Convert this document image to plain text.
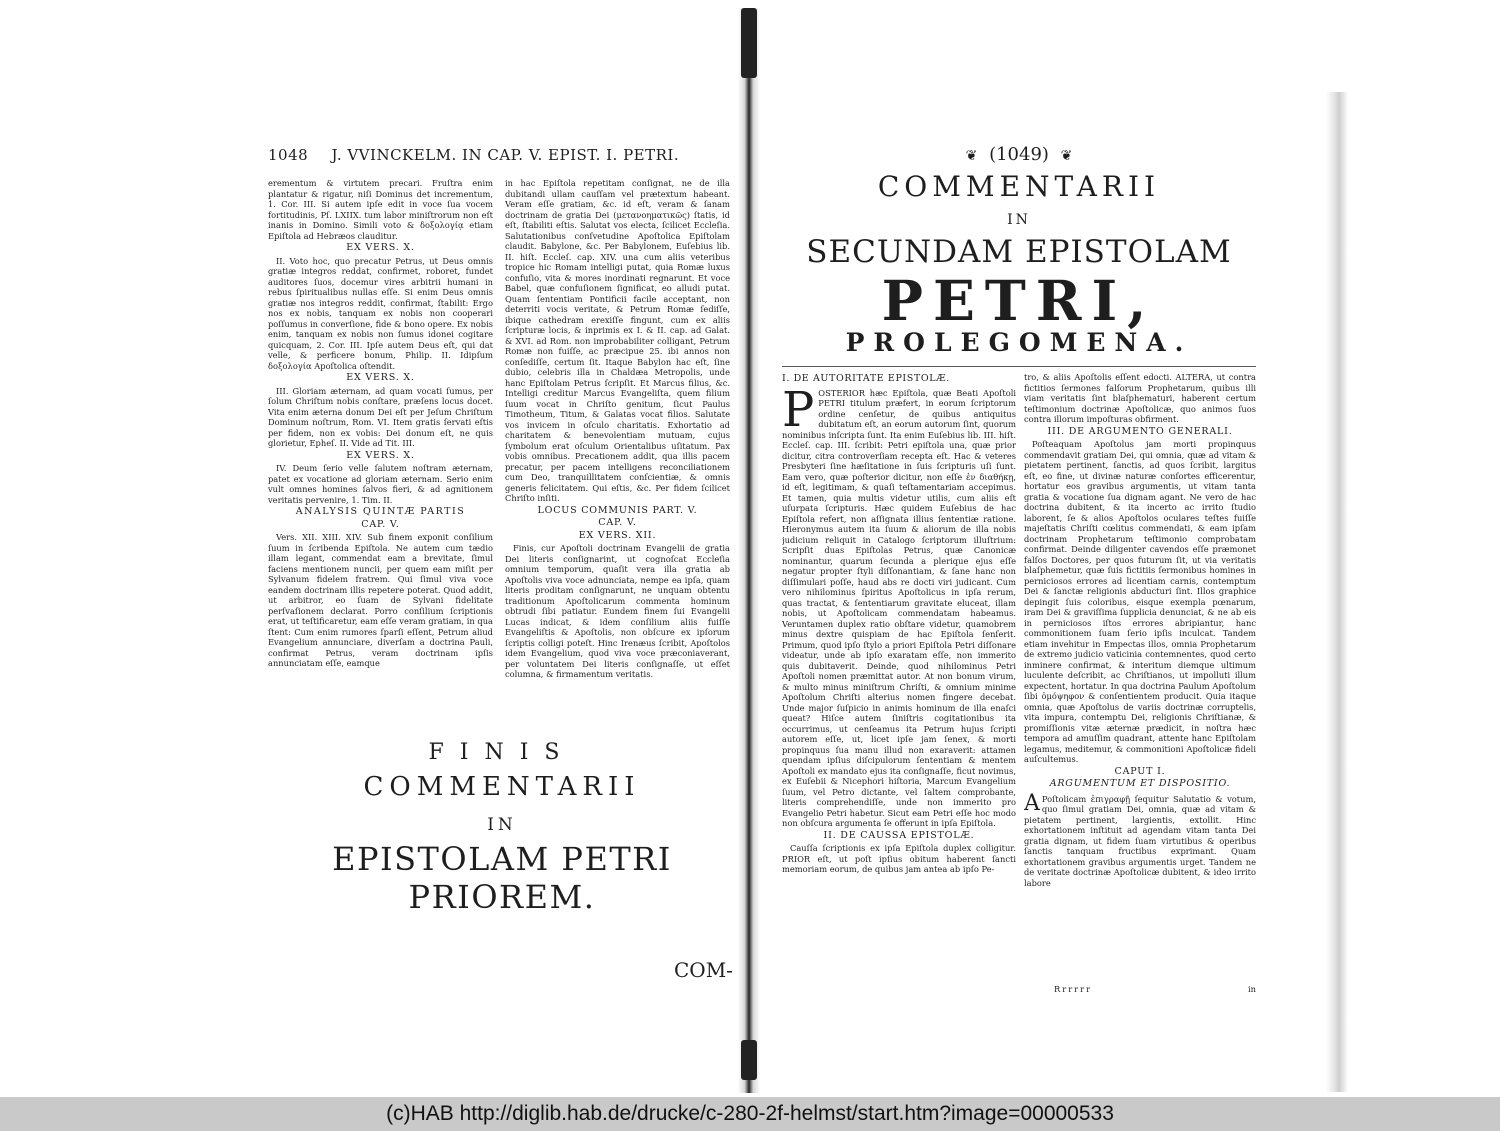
1048 J. VVINCKELM. IN CAP. V. EPIST. I. PETRI.

erementum & virtutem precari. Fruſtra enim plantatur & rigatur, niſi Dominus det incrementum, 1. Cor. III. Si autem ipſe edit in voce ſua vocem fortitudinis, Pſ. LXIIX. tum labor miniſtrorum non eſt inanis in Domino. Simili voto & δοξολογίᾳ etiam Epiſtola ad Hebræos clauditur.

EX VERS. X.

II. Voto hoc, quo precatur Petrus, ut Deus omnis gratiæ integros reddat, confirmet, roboret, fundet auditores ſuos, docemur vires arbitrii humani in rebus ſpiritualibus nullas eſſe. Si enim Deus omnis gratiæ nos integros reddit, confirmat, ſtabilit: Ergo nos ex nobis, tanquam ex nobis non cooperari poſſumus in converſione, fide & bono opere. Ex nobis enim, tanquam ex nobis non ſumus idonei cogitare quicquam, 2. Cor. III. Ipſe autem Deus eſt, qui dat velle, & perficere bonum, Philip. II. Idipſum δοξολογία Apoſtolica oſtendit.

EX VERS. X.

III. Gloriam æternam, ad quam vocati ſumus, per ſolum Chriſtum nobis conſtare, præſens locus docet. Vita enim æterna donum Dei eſt per Jeſum Chriſtum Dominum noſtrum, Rom. VI. Item gratis ſervati eſtis per fidem, non ex vobis: Dei donum eſt, ne quis glorietur, Epheſ. II. Vide ad Tit. III.

EX VERS. X.

IV. Deum ſerio velle ſalutem noſtram æternam, patet ex vocatione ad gloriam æternam. Serio enim vult omnes homines ſalvos fieri, & ad agnitionem veritatis pervenire, 1. Tim. II.

ANALYSIS QUINTÆ PARTIS

CAP. V.

Vers. XII. XIII. XIV. Sub finem exponit conſilium ſuum in ſcribenda Epiſtola. Ne autem cum tædio illam legant, commendat eam a brevitate, ſimul faciens mentionem nuncii, per quem eam miſit per Sylvanum fidelem fratrem. Qui ſimul viva voce eandem doctrinam illis repetere poterat. Quod addit, ut arbitror, eo ſuam de Sylvani fidelitate perſvaſionem declarat. Porro conſilium ſcriptionis erat, ut teſtificaretur, eam eſſe veram gratiam, in qua ſtent: Cum enim rumores ſparſi eſſent, Petrum aliud Evangelium annunciare, diverſam a doctrina Pauli, confirmat Petrus, veram doctrinam ipſis annunciatam eſſe, eamque

in hac Epiſtola repetitam conſignat, ne de illa dubitandi ullam cauſſam vel prætextum habeant. Veram eſſe gratiam, &c. id eſt, veram & ſanam doctrinam de gratia Dei (μετανοηματικῶς) ſtatis, id eſt, ſtabiliti eſtis. Salutat vos electa, ſcilicet Eccleſia. Salutationibus conſvetudine Apoſtolica Epiſtolam claudit. Babylone, &c. Per Babylonem, Euſebius lib. II. hiſt. Eccleſ. cap. XIV. una cum aliis veteribus tropice hic Romam intelligi putat, quia Romæ luxus confuſio, vita & mores inordinati regnarunt. Et voce Babel, quæ confuſionem ſignificat, eo alludi putat. Quam ſententiam Pontificii facile acceptant, non deterriti vocis veritate, & Petrum Romæ ſediſſe, ibique cathedram erexiſſe fingunt, cum ex aliis ſcripturæ locis, & inprimis ex I. & II. cap. ad Galat. & XVI. ad Rom. non improbabiliter colligant, Petrum Romæ non fuiſſe, ac præcipue 25. ibi annos non conſediſſe, certum ſit. Itaque Babylon hac eſt, ſine dubio, celebris illa in Chaldæa Metropolis, unde hanc Epiſtolam Petrus ſcripſit. Et Marcus filius, &c. Intelligi creditur Marcus Evangeliſta, quem filium ſuum vocat in Chriſto genitum, ſicut Paulus Timotheum, Titum, & Galatas vocat filios. Salutate vos invicem in oſculo charitatis. Exhortatio ad charitatem & benevolentiam mutuam, cujus ſymbolum erat oſculum Orientalibus uſitatum. Pax vobis omnibus. Precationem addit, qua illis pacem precatur, per pacem intelligens reconciliationem cum Deo, tranquillitatem conſcientiæ, & omnis generis felicitatem. Qui eſtis, &c. Per fidem ſcilicet Chriſto inſiti.

LOCUS COMMUNIS PART. V.

CAP. V.

EX VERS. XII.

Finis, cur Apoſtoli doctrinam Evangelii de gratia Dei literis conſignarint, ut cognoſcat Eccleſia omnium temporum, quaſit vera illa gratia ab Apoſtolis viva voce adnunciata, nempe ea ipſa, quam literis proditam conſignarunt, ne unquam obtentu traditionum Apoſtolicarum commenta hominum obtrudi ſibi patiatur. Eundem finem ſui Evangelii Lucas indicat, & idem conſilium aliis fuiſſe Evangeliſtis & Apoſtolis, non obſcure ex ipſorum ſcriptis colligi poteſt. Hinc Irenæus ſcribit, Apoſtolos idem Evangelium, quod viva voce præconiaverant, per voluntatem Dei literis conſignaſſe, ut eſſet columna, & firmamentum veritatis.

FINIS
COMMENTARII
IN
EPISTOLAM PETRI
PRIOREM.
COM-
❦ (1049) ❦
COMMENTARII
IN
SECUNDAM EPISTOLAM
PETRI,
PROLEGOMENA.

I. DE AUTORITATE EPISTOLÆ.

POSTERIOR hæc Epiſtola, quæ Beati Apoſtoli PETRI titulum præfert, in eorum ſcriptorum ordine cenſetur, de quibus antiquitus dubitatum eſt, an eorum autorum ſint, quorum nominibus inſcripta ſunt. Ita enim Euſebius lib. III. hiſt. Eccleſ. cap. III. ſcribit: Petri epiſtola una, quæ prior dicitur, citra controverſiam recepta eſt. Hac & veteres Presbyteri ſine hæſitatione in ſuis ſcripturis uſi ſunt. Eam vero, quæ poſterior dicitur, non eſſe ἐν διαθήκῃ, id eſt, legitimam, & quaſi teſtamentariam accepimus. Et tamen, quia multis videtur utilis, cum aliis eſt uſurpata ſcripturis. Hæc quidem Euſebius de hac Epiſtola refert, non aſſignata illius ſententiæ ratione. Hieronymus autem ita ſuum & aliorum de illa nobis judicium reliquit in Catalogo ſcriptorum illuſtrium: Scripſit duas Epiſtolas Petrus, quæ Canonicæ nominantur, quarum ſecunda a plerique ejus eſſe negatur propter ſtyli diſſonantiam, & ſane hanc non diſſimulari poſſe, haud abs re docti viri judicant. Cum vero nihilominus ſpiritus Apoſtolicus in ipſa rerum, quas tractat, & ſententiarum gravitate eluceat, illam nobis, ut Apoſtolicam commendatam habeamus. Veruntamen duplex ratio obſtare videtur, quamobrem minus dextre quispiam de hac Epiſtola ſenſerit. Primum, quod ipſo ſtylo a priori Epiſtola Petri diſſonare videatur, unde ab ipſo exaratam eſſe, non immerito quis dubitaverit. Deinde, quod nihilominus Petri Apoſtoli nomen præmittat autor. At non bonum virum, & multo minus miniſtrum Chriſti, & omnium minime Apoſtolum Chriſti alterius nomen fingere decebat. Unde major ſuſpicio in animis hominum de illa enaſci queat? Hiſce autem ſiniſtris cogitationibus ita occurrimus, ut cenſeamus ita Petrum hujus ſcripti autorem eſſe, ut, licet ipſe jam ſenex, & morti propinquus ſua manu illud non exaraverit: attamen quendam ipſius diſcipulorum ſententiam & mentem Apoſtoli ex mandato ejus ita conſignaſſe, ficut novimus, ex Euſebii & Nicephori hiſtoria, Marcum Evangelium ſuum, vel Petro dictante, vel ſaltem comprobante, literis comprehendiſſe, unde non immerito pro Evangelio Petri habetur. Sicut eam Petri eſſe hoc modo non obſcura argumenta ſe offerunt in ipſa Epiſtola.

II. DE CAUSSA EPISTOLÆ.

Cauſſa ſcriptionis ex ipſa Epiſtola duplex colligitur. PRIOR eſt, ut poſt ipſius obitum haberent ſancti memoriam eorum, de quibus jam antea ab ipſo Pe-

tro, & aliis Apoſtolis eſſent edocti. ALTERA, ut contra fictitios ſermones falſorum Prophetarum, quibus illi viam veritatis ſint blaſphematuri, haberent certum teſtimonium doctrinæ Apoſtolicæ, quo animos ſuos contra illorum impoſturas obfirment.

III. DE ARGUMENTO GENERALI.

Poſteaquam Apoſtolus jam morti propinquus commendavit gratiam Dei, qui omnia, quæ ad vitam & pietatem pertinent, ſanctis, ad quos ſcribit, largitus eſt, eo fine, ut divinæ naturæ conſortes efficerentur, hortatur eos gravibus argumentis, ut vitam tanta gratia & vocatione ſua dignam agant. Ne vero de hac doctrina dubitent, & ita incerto ac irrito ſtudio laborent, ſe & alios Apoſtolos oculares teſtes fuiſſe majeſtatis Chriſti cœlitus commendati, & eam ipſam doctrinam Prophetarum teſtimonio comprobatam confirmat. Deinde diligenter cavendos eſſe præmonet falſos Doctores, per quos futurum ſit, ut via veritatis blaſphemetur, quæ ſuis fictitiis ſermonibus homines in perniciosos errores ad licentiam carnis, contemptum Dei & ſanctæ religionis abducturi ſint. Illos graphice depingit ſuis coloribus, eisque exempla pœnarum, iram Dei & graviſſima ſupplicia denunciat, & ne ab eis in perniciosos iſtos errores abripiantur, hanc commonitionem ſuam ſerio ipſis inculcat. Tandem etiam invehitur in Empectas illos, omnia Prophetarum de extremo judicio vaticinia contemnentes, quod certo inminere confirmat, & interitum diemque ultimum luculente deſcribit, ac Chriſtianos, ut impolluti illum expectent, hortatur. In qua doctrina Paulum Apoſtolum ſibi ὁμόψηφον & conſentientem producit. Quia itaque omnia, quæ Apoſtolus de variis doctrinæ corruptelis, vita impura, contemptu Dei, religionis Chriſtianæ, & promiſſionis vitæ æternæ prædicit, in noſtra hæc tempora ad amuſſim quadrant, attente hanc Epiſtolam legamus, meditemur, & commonitioni Apoſtolicæ fideli auſcultemus.

CAPUT I.

ARGUMENTUM ET DISPOSITIO.

A Poſtolicam ἐπιγραφῇ ſequitur Salutatio & votum, quo ſimul gratiam Dei, omnia, quæ ad vitam & pietatem pertinent, largientis, extollit. Hinc exhortationem inſtituit ad agendam vitam tanta Dei gratia dignam, ut fidem ſuam virtutibus & operibus ſanctis tanquam fructibus exprimant. Quam exhortationem gravibus argumentis urget. Tandem ne de veritate doctrinæ Apoſtolicæ dubitent, & ideo irrito labore

Rrrrrr	in
(c)HAB http://diglib.hab.de/drucke/c-280-2f-helmst/start.htm?image=00000533
